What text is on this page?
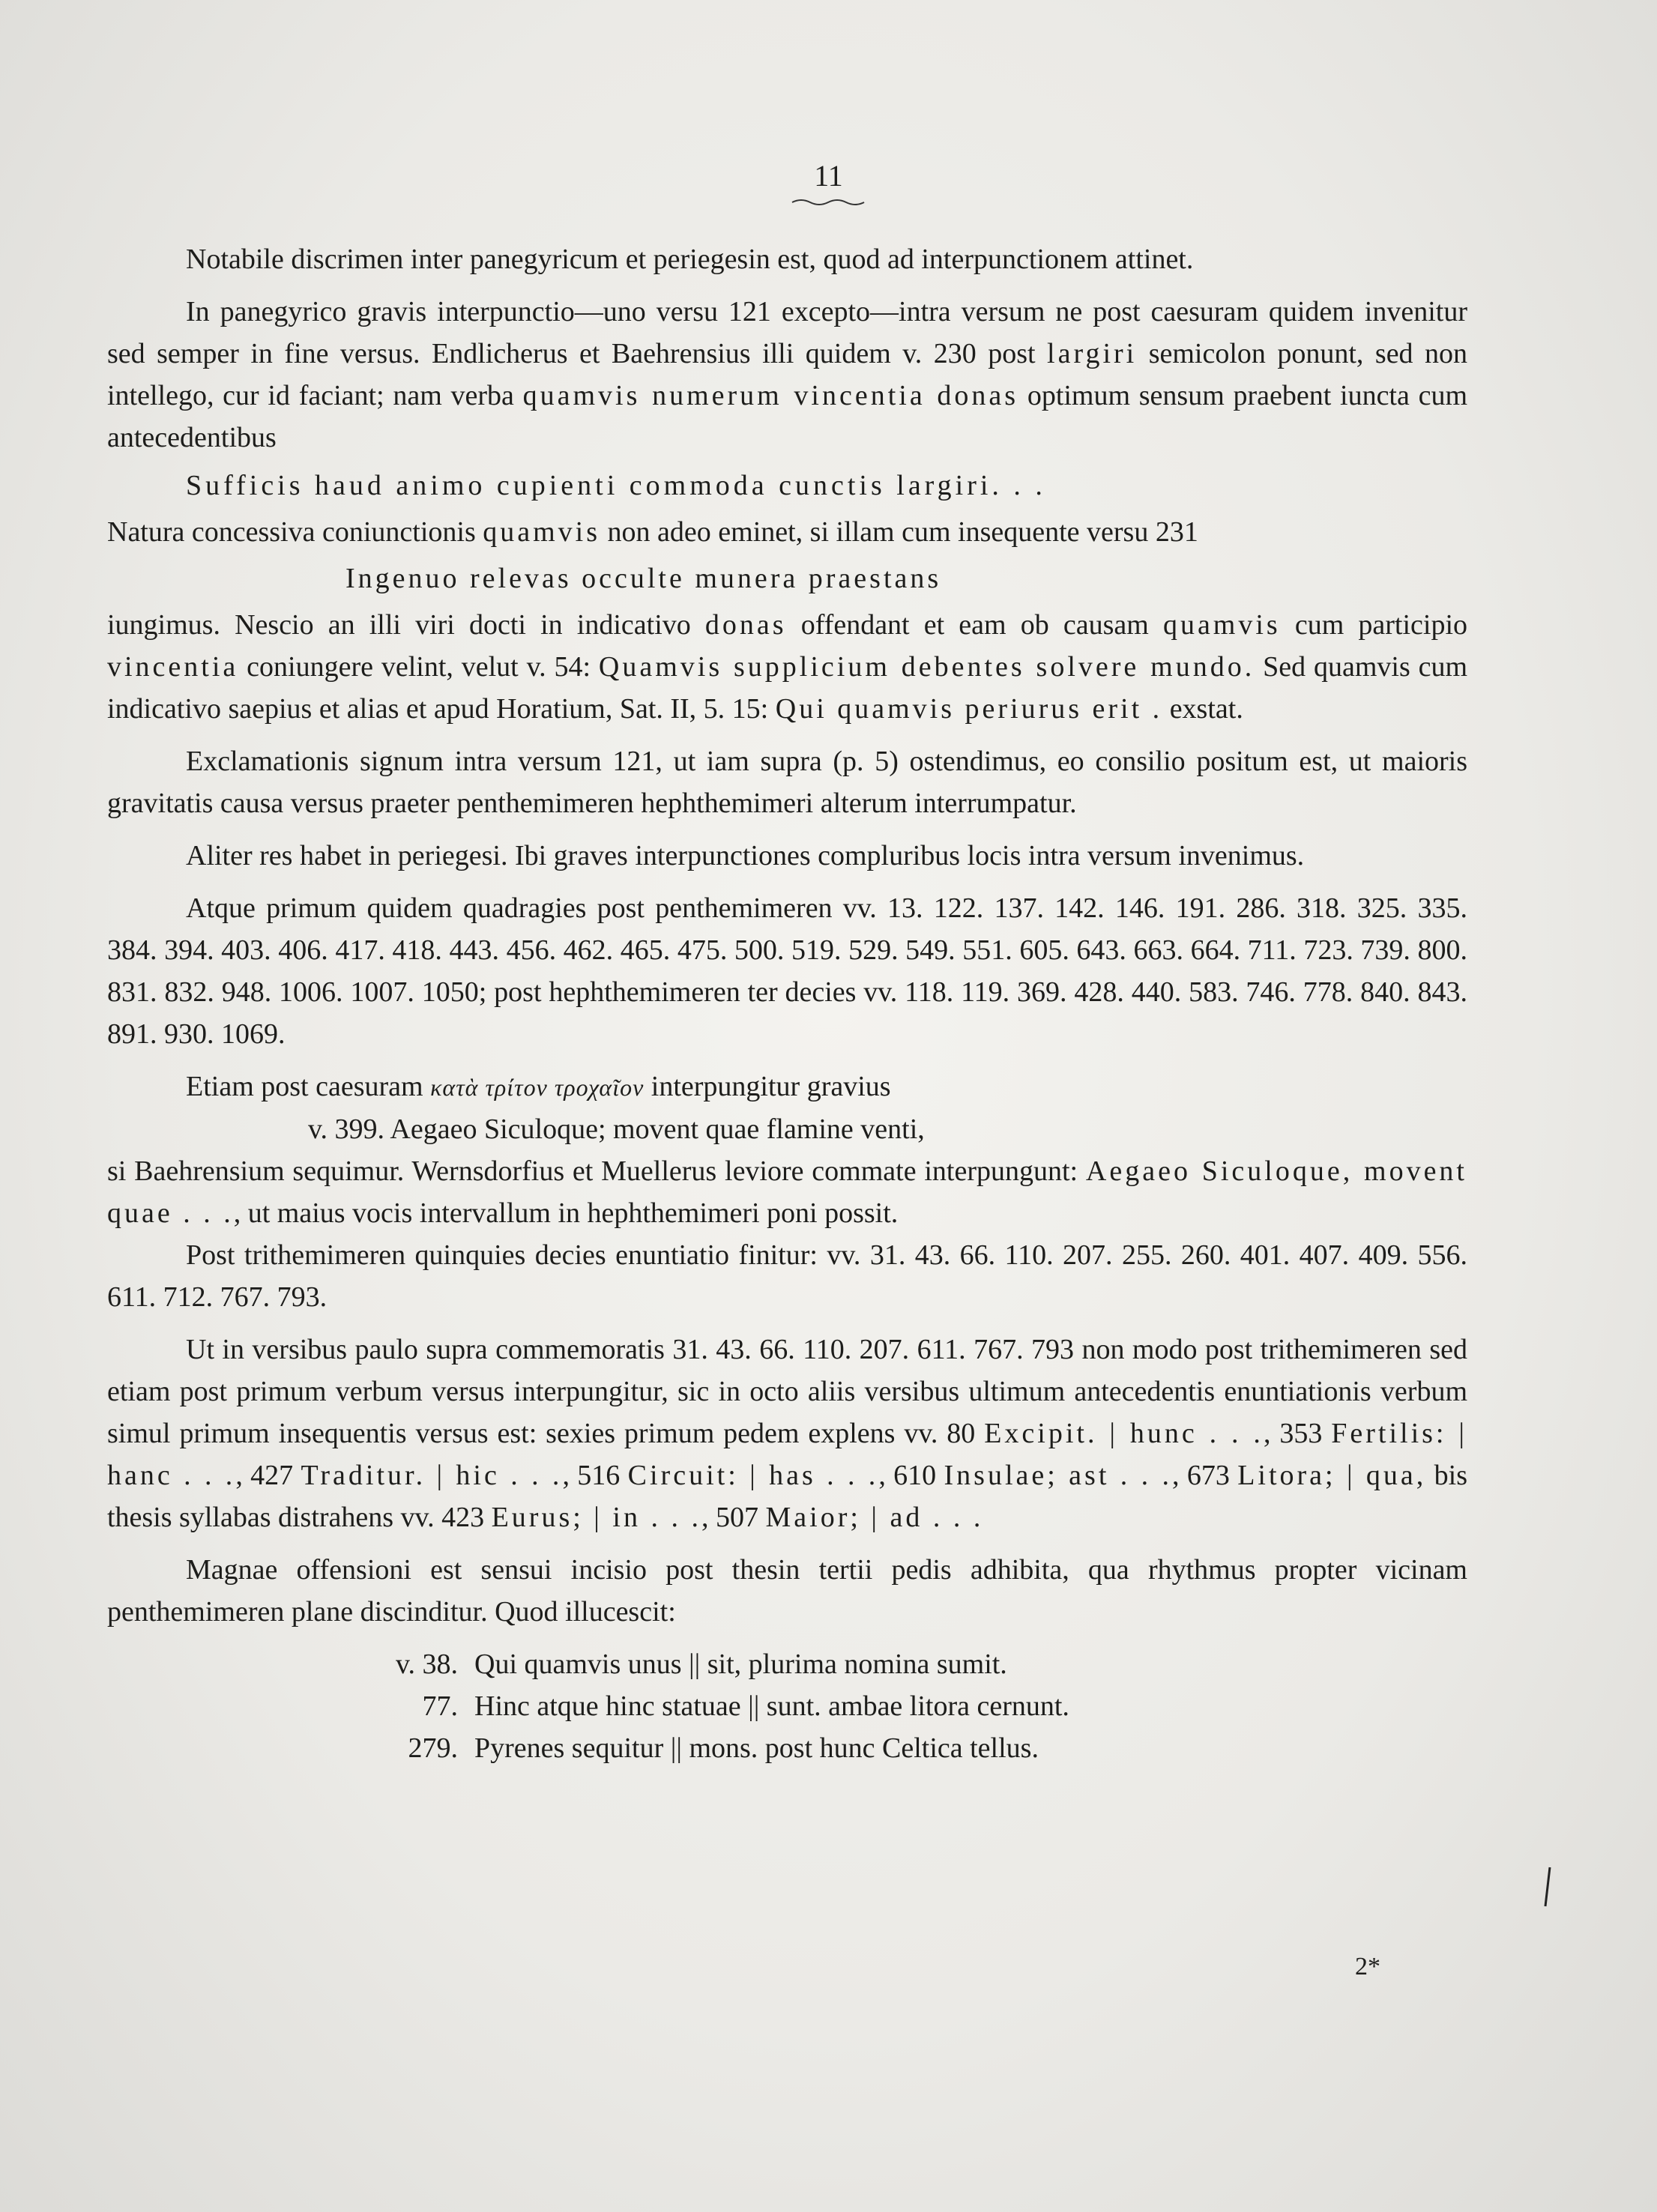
11

Notabile discrimen inter panegyricum et periegesin est, quod ad interpunctionem attinet.

In panegyrico gravis interpunctio—uno versu 121 excepto—intra versum ne post caesuram quidem invenitur sed semper in fine versus. Endlicherus et Baehrensius illi quidem v. 230 post largiri semicolon ponunt, sed non intellego, cur id faciant; nam verba quamvis numerum vincentia donas optimum sensum praebent iuncta cum antecedentibus

Sufficis haud animo cupienti commoda cunctis largiri. . .

Natura concessiva coniunctionis quamvis non adeo eminet, si illam cum insequente versu 231

Ingenuo relevas occulte munera praestans

iungimus. Nescio an illi viri docti in indicativo donas offendant et eam ob causam quamvis cum participio vincentia coniungere velint, velut v. 54: Quamvis supplicium debentes solvere mundo. Sed quamvis cum indicativo saepius et alias et apud Horatium, Sat. II, 5. 15: Qui quamvis periurus erit . exstat.

Exclamationis signum intra versum 121, ut iam supra (p. 5) ostendimus, eo consilio positum est, ut maioris gravitatis causa versus praeter penthemimeren hephthemimeri alterum interrumpatur.

Aliter res habet in periegesi. Ibi graves interpunctiones compluribus locis intra versum invenimus.

Atque primum quidem quadragies post penthemimeren vv. 13. 122. 137. 142. 146. 191. 286. 318. 325. 335. 384. 394. 403. 406. 417. 418. 443. 456. 462. 465. 475. 500. 519. 529. 549. 551. 605. 643. 663. 664. 711. 723. 739. 800. 831. 832. 948. 1006. 1007. 1050; post hephthemimeren ter decies vv. 118. 119. 369. 428. 440. 583. 746. 778. 840. 843. 891. 930. 1069.

Etiam post caesuram κατὰ τρίτον τροχαῖον interpungitur gravius

v. 399. Aegaeo Siculoque; movent quae flamine venti,

si Baehrensium sequimur. Wernsdorfius et Muellerus leviore commate interpungunt: Aegaeo Siculoque, movent quae . . ., ut maius vocis intervallum in hephthemimeri poni possit.

Post trithemimeren quinquies decies enuntiatio finitur: vv. 31. 43. 66. 110. 207. 255. 260. 401. 407. 409. 556. 611. 712. 767. 793.

Ut in versibus paulo supra commemoratis 31. 43. 66. 110. 207. 611. 767. 793 non modo post trithemimeren sed etiam post primum verbum versus interpungitur, sic in octo aliis versibus ultimum antecedentis enuntiationis verbum simul primum insequentis versus est: sexies primum pedem explens vv. 80 Excipit. | hunc . . ., 353 Fertilis: | hanc . . ., 427 Traditur. | hic . . ., 516 Circuit: | has . . ., 610 Insulae; ast . . ., 673 Litora; | qua, bis thesis syllabas distrahens vv. 423 Eurus; | in . . ., 507 Maior; | ad . . .

Magnae offensioni est sensui incisio post thesin tertii pedis adhibita, qua rhythmus propter vicinam penthemimeren plane discinditur. Quod illucescit:

v. 38. Qui quamvis unus || sit, plurima nomina sumit.
77. Hinc atque hinc statuae || sunt. ambae litora cernunt.
279. Pyrenes sequitur || mons. post hunc Celtica tellus.
2*
